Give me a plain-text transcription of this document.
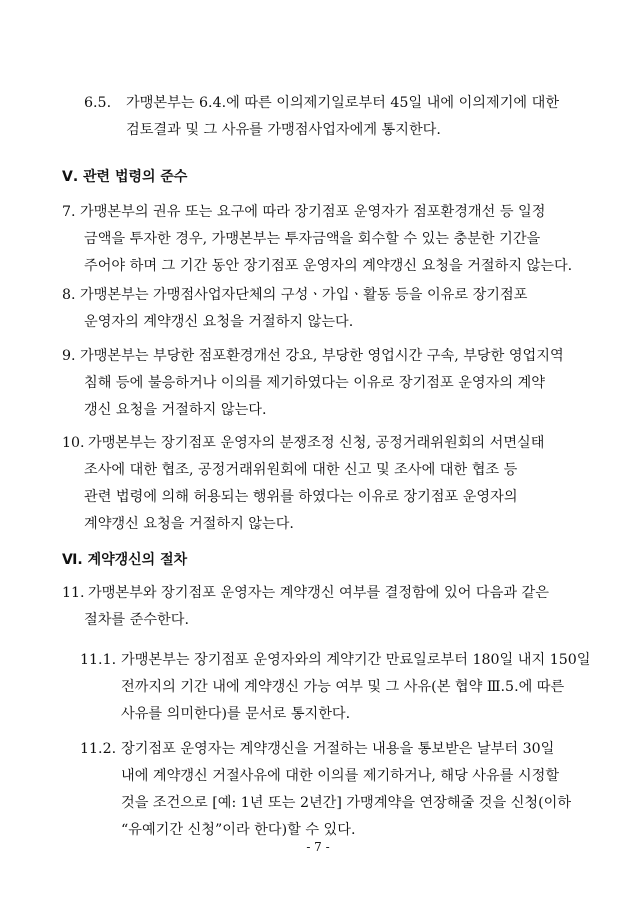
6.5. 가맹본부는 6.4.에 따른 이의제기일로부터 45일 내에 이의제기에 대한
검토결과 및 그 사유를 가맹점사업자에게 통지한다.
Ⅴ. 관련 법령의 준수
7. 가맹본부의 권유 또는 요구에 따라 장기점포 운영자가 점포환경개선 등 일정
금액을 투자한 경우, 가맹본부는 투자금액을 회수할 수 있는 충분한 기간을
주어야 하며 그 기간 동안 장기점포 운영자의 계약갱신 요청을 거절하지 않는다.
8. 가맹본부는 가맹점사업자단체의 구성ㆍ가입ㆍ활동 등을 이유로 장기점포
운영자의 계약갱신 요청을 거절하지 않는다.
9. 가맹본부는 부당한 점포환경개선 강요, 부당한 영업시간 구속, 부당한 영업지역
침해 등에 불응하거나 이의를 제기하였다는 이유로 장기점포 운영자의 계약
갱신 요청을 거절하지 않는다.
10. 가맹본부는 장기점포 운영자의 분쟁조정 신청, 공정거래위원회의 서면실태
조사에 대한 협조, 공정거래위원회에 대한 신고 및 조사에 대한 협조 등
관련 법령에 의해 허용되는 행위를 하였다는 이유로 장기점포 운영자의
계약갱신 요청을 거절하지 않는다.
Ⅵ. 계약갱신의 절차
11. 가맹본부와 장기점포 운영자는 계약갱신 여부를 결정함에 있어 다음과 같은
절차를 준수한다.
11.1. 가맹본부는 장기점포 운영자와의 계약기간 만료일로부터 180일 내지 150일
전까지의 기간 내에 계약갱신 가능 여부 및 그 사유(본 협약 Ⅲ.5.에 따른
사유를 의미한다)를 문서로 통지한다.
11.2. 장기점포 운영자는 계약갱신을 거절하는 내용을 통보받은 날부터 30일
내에 계약갱신 거절사유에 대한 이의를 제기하거나, 해당 사유를 시정할
것을 조건으로 [예: 1년 또는 2년간] 가맹계약을 연장해줄 것을 신청(이하
“유예기간 신청”이라 한다)할 수 있다.
- 7 -
